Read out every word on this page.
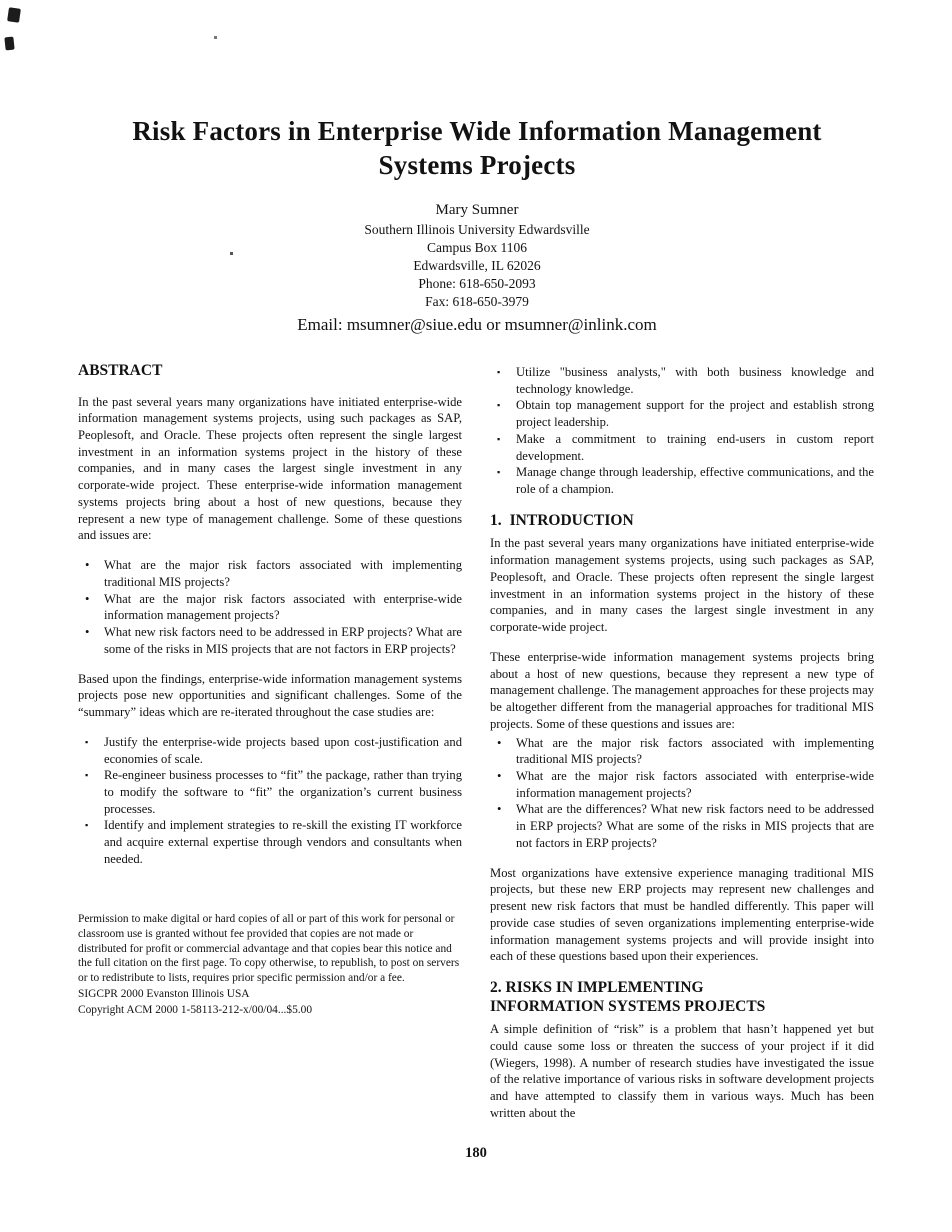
Risk Factors in Enterprise Wide Information Management
Systems Projects
Mary Sumner
Southern Illinois University Edwardsville
Campus Box 1106
Edwardsville, IL 62026
Phone: 618-650-2093
Fax: 618-650-3979
Email: msumner@siue.edu or msumner@inlink.com
ABSTRACT

In the past several years many organizations have initiated enterprise-wide information management systems projects, using such packages as SAP, Peoplesoft, and Oracle. These projects often represent the single largest investment in an information systems project in the history of these companies, and in many cases the largest single investment in any corporate-wide project. These enterprise-wide information management systems projects bring about a host of new questions, because they represent a new type of management challenge. Some of these questions and issues are:

•	What are the major risk factors associated with implementing traditional MIS projects?
•	What are the major risk factors associated with enterprise-wide information management projects?
•	What new risk factors need to be addressed in ERP projects? What are some of the risks in MIS projects that are not factors in ERP projects?

Based upon the findings, enterprise-wide information management systems projects pose new opportunities and significant challenges. Some of the “summary” ideas which are re-iterated throughout the case studies are:

▪	Justify the enterprise-wide projects based upon cost-justification and economies of scale.
▪	Re-engineer business processes to “fit” the package, rather than trying to modify the software to “fit” the organization’s current business processes.
▪	Identify and implement strategies to re-skill the existing IT workforce and acquire external expertise through vendors and consultants when needed.

Permission to make digital or hard copies of all or part of this work for personal or classroom use is granted without fee provided that copies are not made or distributed for profit or commercial advantage and that copies bear this notice and the full citation on the first page. To copy otherwise, to republish, to post on servers or to redistribute to lists, requires prior specific permission and/or a fee.

SIGCPR 2000 Evanston Illinois USA
Copyright ACM 2000 1-58113-212-x/00/04...$5.00
▪	Utilize "business analysts," with both business knowledge and technology knowledge.
▪	Obtain top management support for the project and establish strong project leadership.
▪	Make a commitment to training end-users in custom report development.
▪	Manage change through leadership, effective communications, and the role of a champion.
1. INTRODUCTION

In the past several years many organizations have initiated enterprise-wide information management systems projects, using such packages as SAP, Peoplesoft, and Oracle. These projects often represent the single largest investment in an information systems project in the history of these companies, and in many cases the largest single investment in any corporate-wide project.

These enterprise-wide information management systems projects bring about a host of new questions, because they represent a new type of management challenge. The management approaches for these projects may be altogether different from the managerial approaches for traditional MIS projects. Some of these questions and issues are:

•	What are the major risk factors associated with implementing traditional MIS projects?
•	What are the major risk factors associated with enterprise-wide information management projects?
•	What are the differences? What new risk factors need to be addressed in ERP projects? What are some of the risks in MIS projects that are not factors in ERP projects?

Most organizations have extensive experience managing traditional MIS projects, but these new ERP projects may represent new challenges and present new risk factors that must be handled differently. This paper will provide case studies of seven organizations implementing enterprise-wide information management systems projects and will provide insight into each of these questions based upon their experiences.

2. RISKS IN IMPLEMENTING
INFORMATION SYSTEMS PROJECTS

A simple definition of “risk” is a problem that hasn’t happened yet but could cause some loss or threaten the success of your project if it did (Wiegers, 1998). A number of research studies have investigated the issue of the relative importance of various risks in software development projects and have attempted to classify them in various ways. Much has been written about the

180
